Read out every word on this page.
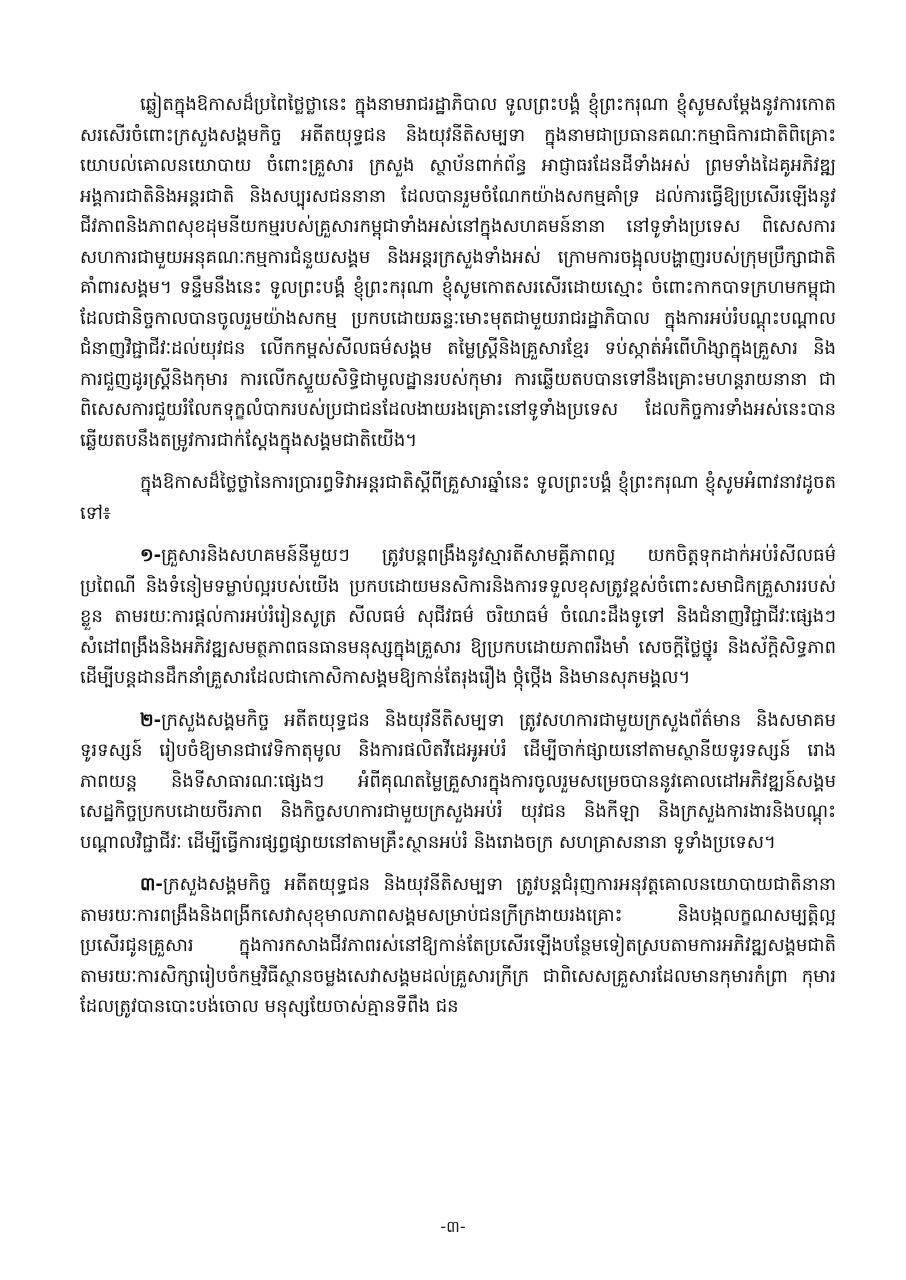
ឆ្លៀតក្នុងឱកាសដ៏ប្រពៃថ្លៃថ្លានេះ ក្នុងនាមរាជរដ្ឋាភិបាល ទូលព្រះបង្គំ ខ្ញុំព្រះករុណា ខ្ញុំសូមសម្តែងនូវការកោតសរសើរចំពោះក្រសួងសង្គមកិច្ច អតីតយុទ្ធជន និងយុវនីតិសម្បទា ក្នុងនាមជាប្រធានគណៈកម្មាធិការជាតិពិគ្រោះយោបល់គោលនយោបាយ ចំពោះគ្រួសារ ក្រសួង ស្ថាប័នពាក់ព័ន្ធ អាជ្ញាធរដែនដីទាំងអស់ ព្រមទាំងដៃគូអភិវឌ្ឍ អង្គការជាតិនិងអន្តរជាតិ និងសប្បុរសជននានា ដែលបានរួមចំណែកយ៉ាងសកម្មគាំទ្រ ដល់ការធ្វើឱ្យប្រសើរឡើងនូវជីវភាពនិងភាពសុខដុមនីយកម្មរបស់គ្រួសារកម្ពុជាទាំងអស់នៅក្នុងសហគមន៍នានា នៅទូទាំងប្រទេស ពិសេសការសហការជាមួយអនុគណៈកម្មការជំនួយសង្គម និងអន្តរក្រសួងទាំងអស់ ក្រោមការចង្អុលបង្ហាញរបស់ក្រុមប្រឹក្សាជាតិគាំពារសង្គម។ ទន្ទឹមនឹងនេះ ទូលព្រះបង្គំ ខ្ញុំព្រះករុណា ខ្ញុំសូមកោតសរសើរដោយស្មោះ ចំពោះកាកបាទក្រហមកម្ពុជា ដែលជានិច្ចកាលបានចូលរួមយ៉ាងសកម្ម ប្រកបដោយឆន្ទៈមោះមុតជាមួយរាជរដ្ឋាភិបាល ក្នុងការអប់រំបណ្តុះបណ្តាលជំនាញវិជ្ជាជីវៈដល់យុវជន លើកកម្ពស់សីលធម៌សង្គម តម្លៃស្ត្រីនិងគ្រួសារខ្មែរ ទប់ស្កាត់អំពើហិង្សាក្នុងគ្រួសារ និងការជួញដូរស្ត្រីនិងកុមារ ការលើកស្ទួយសិទ្ធិជាមូលដ្ឋានរបស់កុមារ ការឆ្លើយតបបានទៅនឹងគ្រោះមហន្តរាយនានា ជាពិសេសការជួយរំលែកទុក្ខលំបាករបស់ប្រជាជនដែលងាយរងគ្រោះនៅទូទាំងប្រទេស ដែលកិច្ចការទាំងអស់នេះបានឆ្លើយតបនឹងតម្រូវការជាក់ស្តែងក្នុងសង្គមជាតិយើង។

ក្នុងឱកាសដ៏ថ្លៃថ្លានៃការប្រារព្ធទិវាអន្តរជាតិស្តីពីគ្រួសារឆ្នាំនេះ ទូលព្រះបង្គំ ខ្ញុំព្រះករុណា ខ្ញុំសូមអំពាវនាវដូចតទៅ៖

១-គ្រួសារនិងសហគមន៍នីមួយៗ ត្រូវបន្តពង្រឹងនូវស្មារតីសាមគ្គីភាពល្អ យកចិត្តទុកដាក់អប់រំសីលធម៌ ប្រពៃណី និងទំនៀមទម្លាប់ល្អរបស់យើង ប្រកបដោយមនសិការនិងការទទួលខុសត្រូវខ្ពស់ចំពោះសមាជិកគ្រួសាររបស់ខ្លួន តាមរយៈការផ្តល់ការអប់រំរៀនសូត្រ សីលធម៌ សុជីវធម៌ ចរិយាធម៌ ចំណេះដឹងទូទៅ និងជំនាញវិជ្ជាជីវៈផ្សេងៗ សំដៅពង្រឹងនិងអភិវឌ្ឍសមត្ថភាពធនធានមនុស្សក្នុងគ្រួសារ ឱ្យប្រកបដោយភាពរឹងមាំ សេចក្តីថ្លៃថ្នូរ និងស័ក្តិសិទ្ធភាព ដើម្បីបន្តដានដឹកនាំគ្រួសារដែលជាកោសិកាសង្គមឱ្យកាន់តែរុងរឿង ថ្កុំថ្កើង និងមានសុភមង្គល។

២-ក្រសួងសង្គមកិច្ច អតីតយុទ្ធជន និងយុវនីតិសម្បទា ត្រូវសហការជាមួយក្រសួងព័ត៌មាន និងសមាគមទូរទស្សន៍ រៀបចំឱ្យមានជាវេទិកាតុមូល និងការផលិតវីដេអូអប់រំ ដើម្បីចាក់ផ្សាយនៅតាមស្ថានីយទូរទស្សន៍ រោងភាពយន្ត និងទីសាធារណៈផ្សេងៗ អំពីគុណតម្លៃគ្រួសារក្នុងការចូលរួមសម្រេចបាននូវគោលដៅអភិវឌ្ឍន៍សង្គម សេដ្ឋកិច្ចប្រកបដោយចីរភាព និងកិច្ចសហការជាមួយក្រសួងអប់រំ យុវជន និងកីឡា និងក្រសួងការងារនិងបណ្តុះបណ្តាលវិជ្ជាជីវៈ ដើម្បីធ្វើការផ្សព្វផ្សាយនៅតាមគ្រឹះស្ថានអប់រំ និងរោងចក្រ សហគ្រាសនានា ទូទាំងប្រទេស។

៣-ក្រសួងសង្គមកិច្ច អតីតយុទ្ធជន និងយុវនីតិសម្បទា ត្រូវបន្តជំរុញការអនុវត្តគោលនយោបាយជាតិនានា តាមរយៈការពង្រឹងនិងពង្រីកសេវាសុខុមាលភាពសង្គមសម្រាប់ជនក្រីក្រងាយរងគ្រោះ និងបង្កលក្ខណសម្បត្តិល្អប្រសើរជូនគ្រួសារ ក្នុងការកសាងជីវភាពរស់នៅឱ្យកាន់តែប្រសើរឡើងបន្ថែមទៀតស្របតាមការអភិវឌ្ឍសង្គមជាតិ តាមរយៈការសិក្សារៀបចំកម្មវិធីស្ថានចម្លងសេវាសង្គមដល់គ្រួសារក្រីក្រ ជាពិសេសគ្រួសារដែលមានកុមារកំព្រា កុមារដែលត្រូវបានបោះបង់ចោល មនុស្សយែចាស់គ្មានទីពឹង ជន

-៣-
